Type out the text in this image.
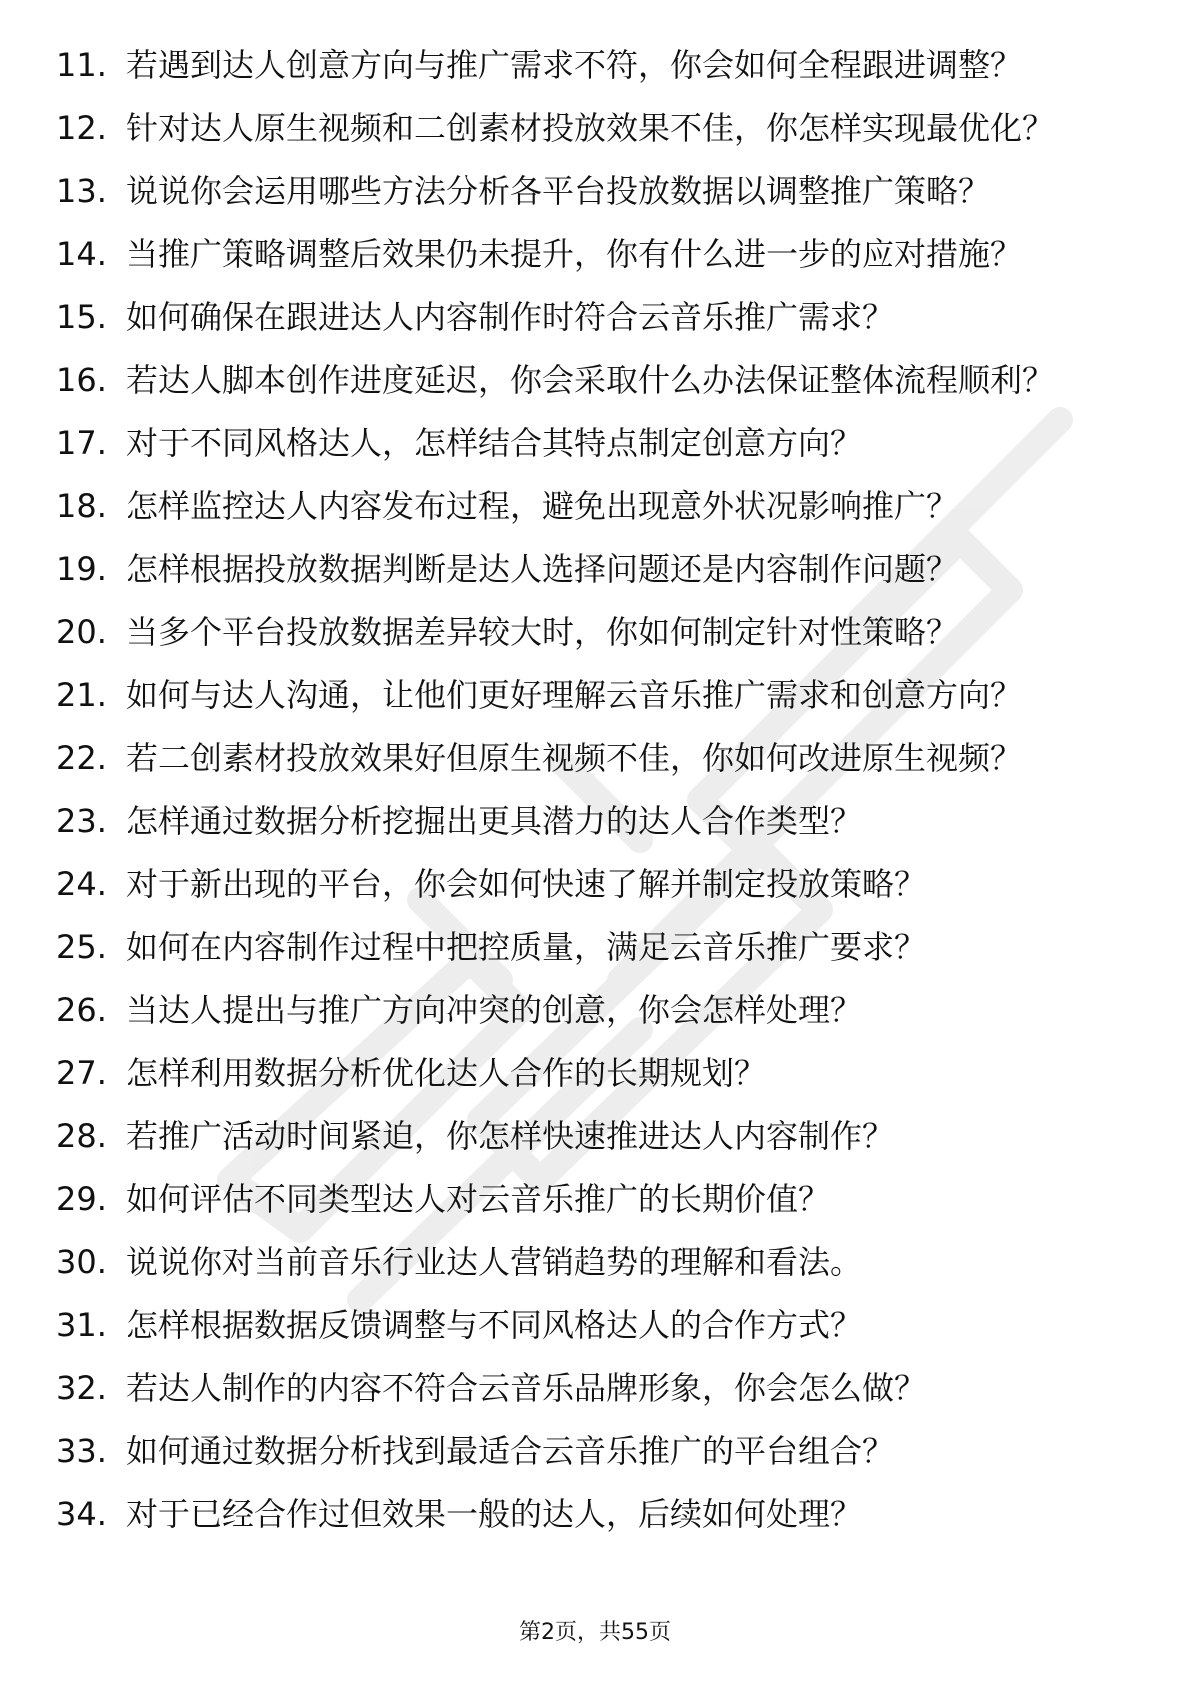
11. 若遇到达人创意方向与推广需求不符，你会如何全程跟进调整？
12. 针对达人原生视频和二创素材投放效果不佳，你怎样实现最优化？
13. 说说你会运用哪些方法分析各平台投放数据以调整推广策略？
14. 当推广策略调整后效果仍未提升，你有什么进一步的应对措施？
15. 如何确保在跟进达人内容制作时符合云音乐推广需求？
16. 若达人脚本创作进度延迟，你会采取什么办法保证整体流程顺利？
17. 对于不同风格达人，怎样结合其特点制定创意方向？
18. 怎样监控达人内容发布过程，避免出现意外状况影响推广？
19. 怎样根据投放数据判断是达人选择问题还是内容制作问题？
20. 当多个平台投放数据差异较大时，你如何制定针对性策略？
21. 如何与达人沟通，让他们更好理解云音乐推广需求和创意方向？
22. 若二创素材投放效果好但原生视频不佳，你如何改进原生视频？
23. 怎样通过数据分析挖掘出更具潜力的达人合作类型？
24. 对于新出现的平台，你会如何快速了解并制定投放策略？
25. 如何在内容制作过程中把控质量，满足云音乐推广要求？
26. 当达人提出与推广方向冲突的创意，你会怎样处理？
27. 怎样利用数据分析优化达人合作的长期规划？
28. 若推广活动时间紧迫，你怎样快速推进达人内容制作？
29. 如何评估不同类型达人对云音乐推广的长期价值？
30. 说说你对当前音乐行业达人营销趋势的理解和看法。
31. 怎样根据数据反馈调整与不同风格达人的合作方式？
32. 若达人制作的内容不符合云音乐品牌形象，你会怎么做？
33. 如何通过数据分析找到最适合云音乐推广的平台组合？
34. 对于已经合作过但效果一般的达人，后续如何处理？
第2页，共55页
